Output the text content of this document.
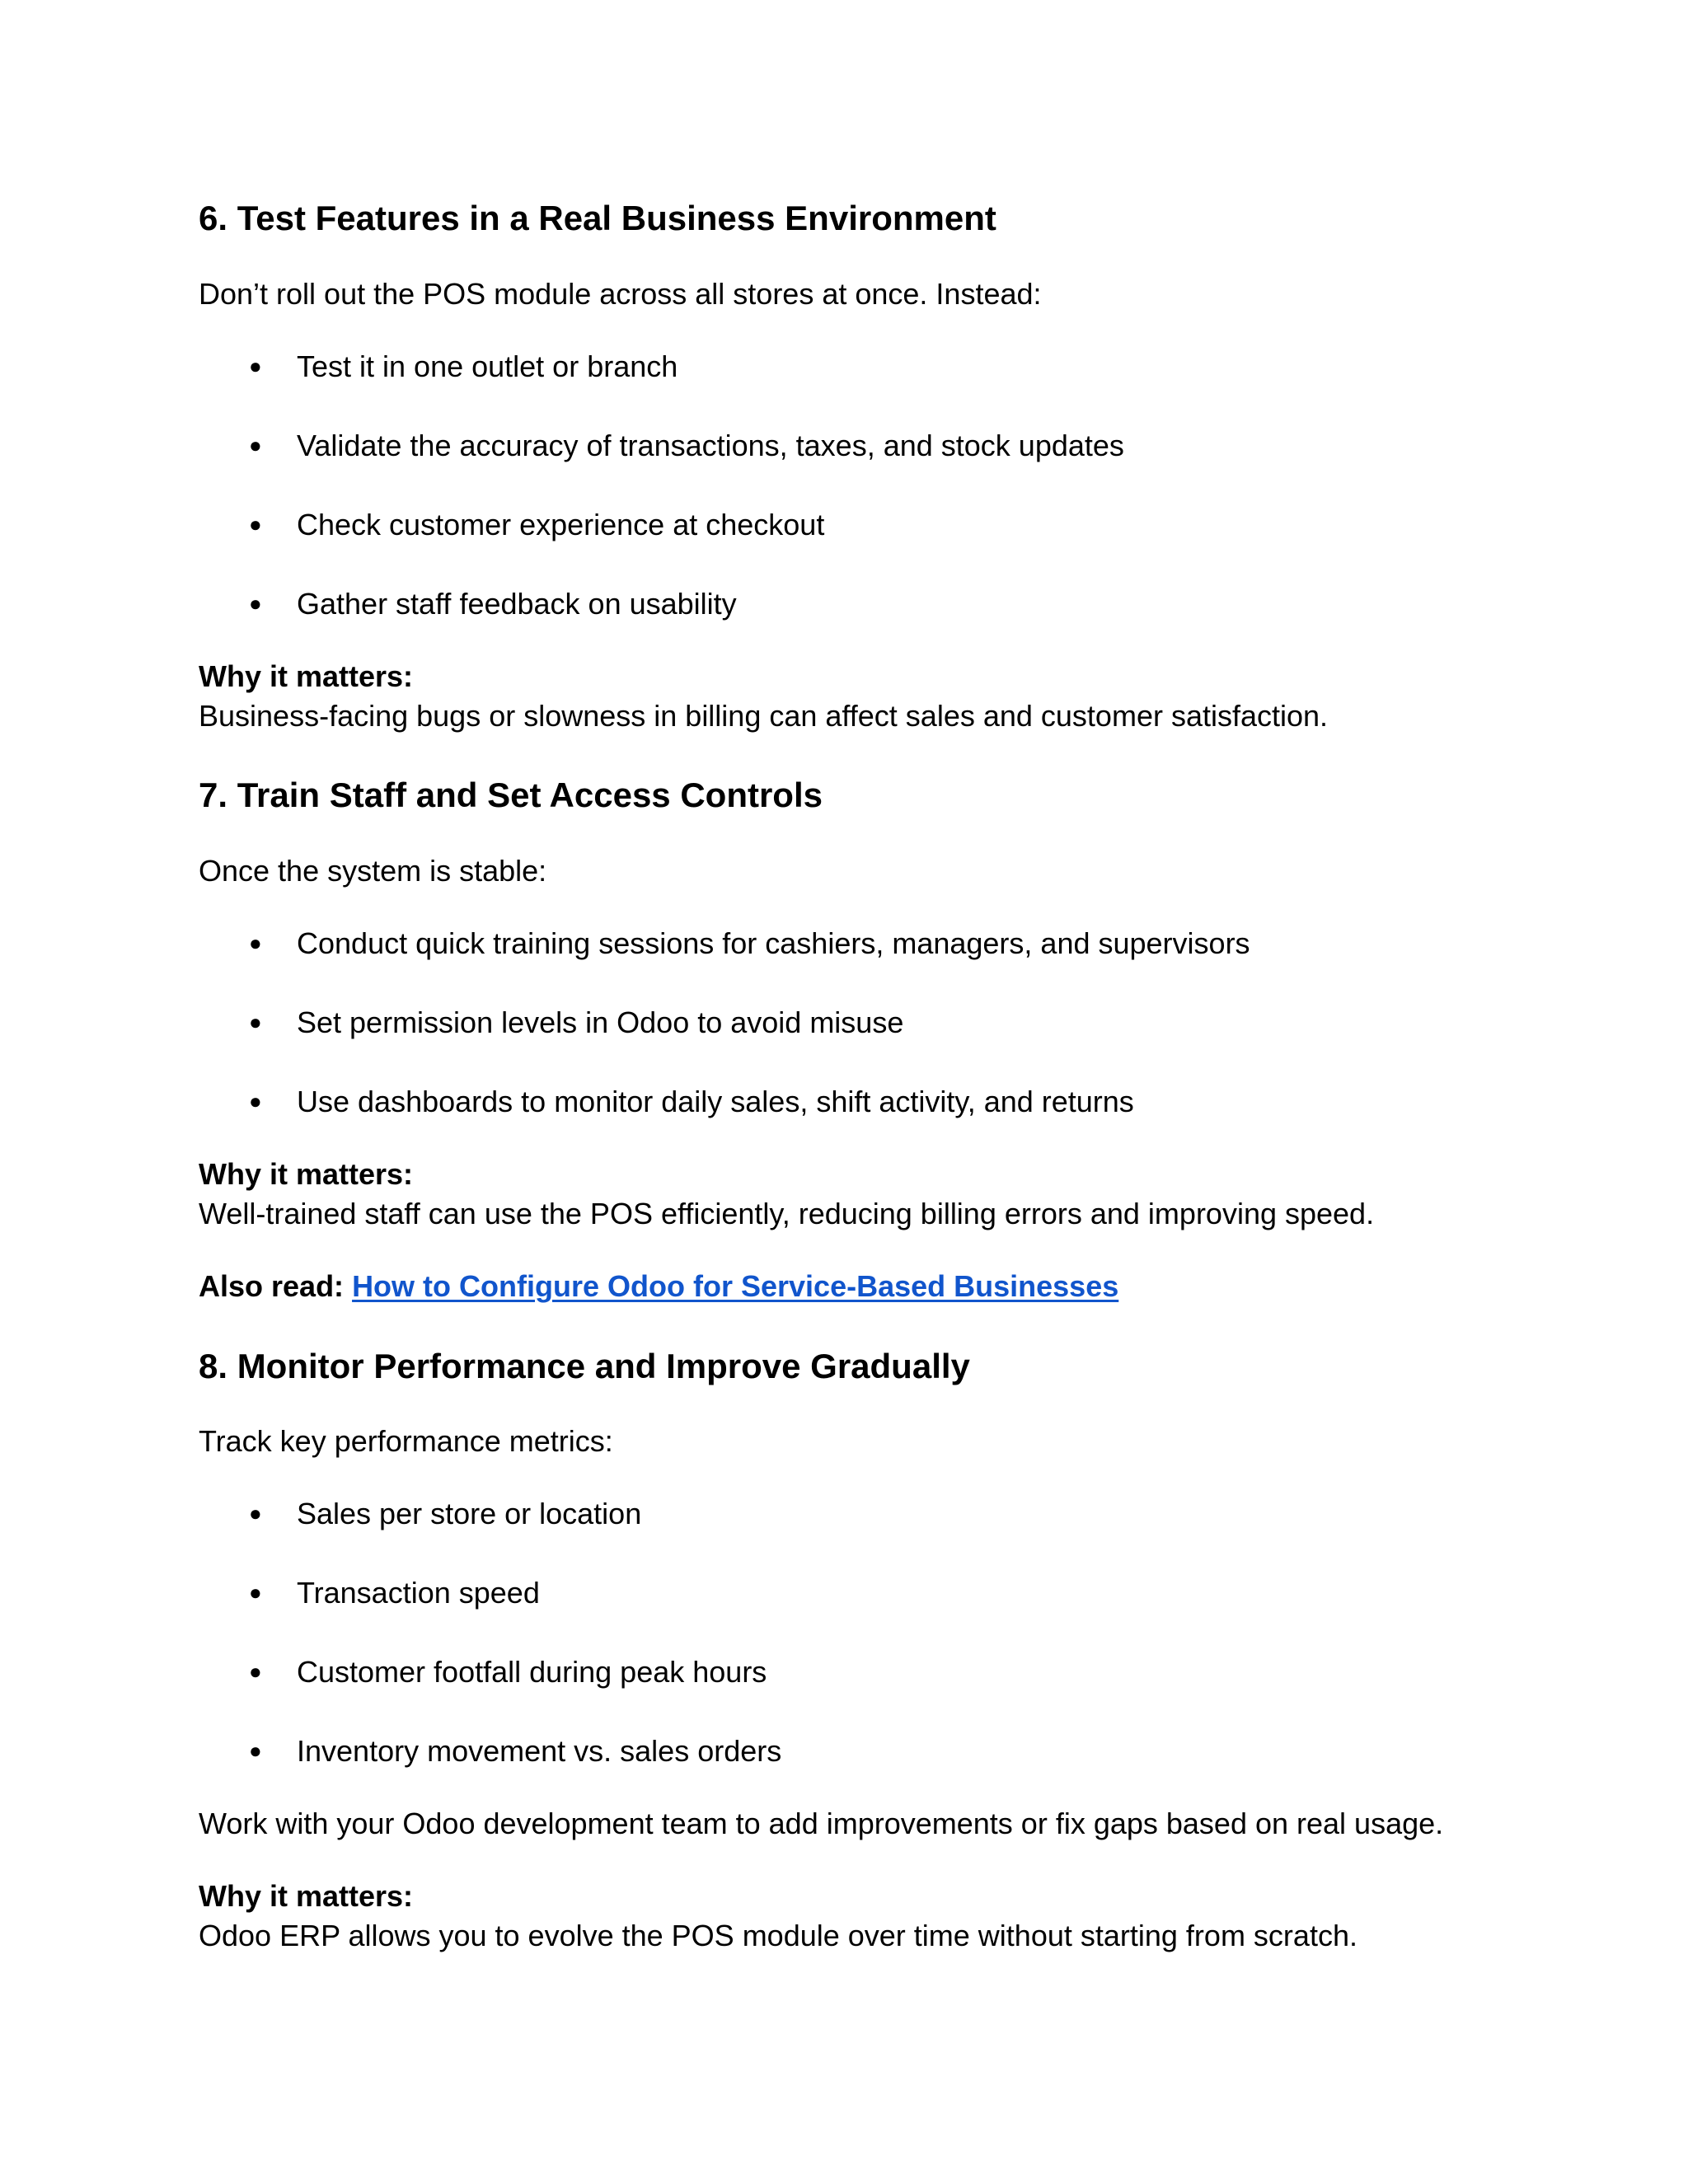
6. Test Features in a Real Business Environment

Don’t roll out the POS module across all stores at once. Instead:

● Test it in one outlet or branch
● Validate the accuracy of transactions, taxes, and stock updates
● Check customer experience at checkout
● Gather staff feedback on usability

Why it matters:

Business-facing bugs or slowness in billing can affect sales and customer satisfaction.

7. Train Staff and Set Access Controls

Once the system is stable:

● Conduct quick training sessions for cashiers, managers, and supervisors
● Set permission levels in Odoo to avoid misuse
● Use dashboards to monitor daily sales, shift activity, and returns

Why it matters:

Well-trained staff can use the POS efficiently, reducing billing errors and improving speed.

Also read: How to Configure Odoo for Service-Based Businesses

8. Monitor Performance and Improve Gradually

Track key performance metrics:

● Sales per store or location
● Transaction speed
● Customer footfall during peak hours
● Inventory movement vs. sales orders

Work with your Odoo development team to add improvements or fix gaps based on real usage.

Why it matters:

Odoo ERP allows you to evolve the POS module over time without starting from scratch.
